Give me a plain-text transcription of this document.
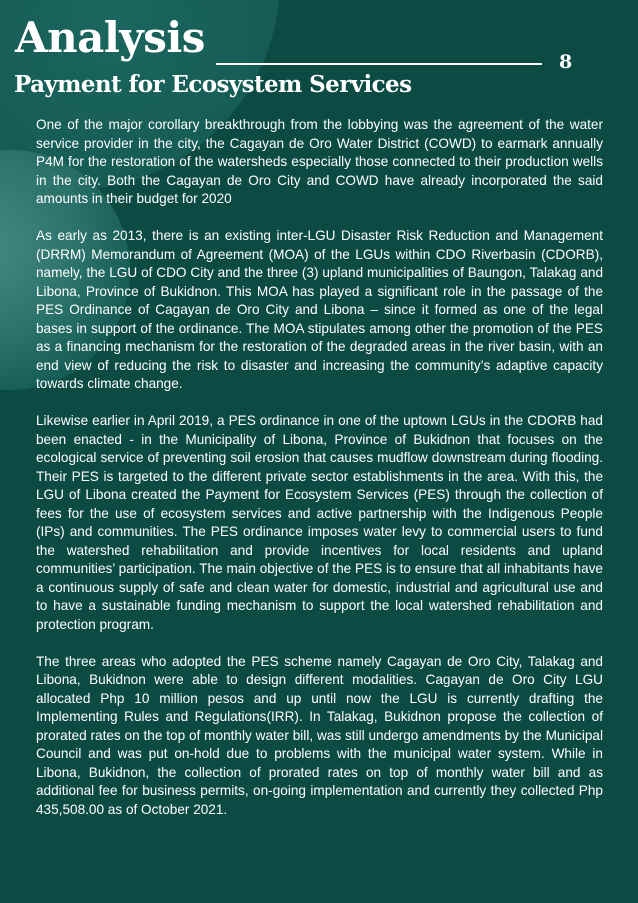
Analysis	8
Payment for Ecosystem Services

One of the major corollary breakthrough from the lobbying was the agreement of the water service provider in the city, the Cagayan de Oro Water District (COWD) to earmark annually P4M for the restoration of the watersheds especially those connected to their production wells in the city. Both the Cagayan de Oro City and COWD have already incorporated the said amounts in their budget for 2020

As early as 2013, there is an existing inter-LGU Disaster Risk Reduction and Management (DRRM) Memorandum of Agreement (MOA) of the LGUs within CDO Riverbasin (CDORB), namely, the LGU of CDO City and the three (3) upland municipalities of Baungon, Talakag and Libona, Province of Bukidnon. This MOA has played a significant role in the passage of the PES Ordinance of Cagayan de Oro City and Libona – since it formed as one of the legal bases in support of the ordinance. The MOA stipulates among other the promotion of the PES as a financing mechanism for the restoration of the degraded areas in the river basin, with an end view of reducing the risk to disaster and increasing the community’s adaptive capacity towards climate change.

Likewise earlier in April 2019, a PES ordinance in one of the uptown LGUs in the CDORB had been enacted - in the Municipality of Libona, Province of Bukidnon that focuses on the ecological service of preventing soil erosion that causes mudflow downstream during flooding. Their PES is targeted to the different private sector establishments in the area. With this, the LGU of Libona created the Payment for Ecosystem Services (PES) through the collection of fees for the use of ecosystem services and active partnership with the Indigenous People (IPs) and communities. The PES ordinance imposes water levy to commercial users to fund the watershed rehabilitation and provide incentives for local residents and upland communities’ participation. The main objective of the PES is to ensure that all inhabitants have a continuous supply of safe and clean water for domestic, industrial and agricultural use and to have a sustainable funding mechanism to support the local watershed rehabilitation and protection program.

The three areas who adopted the PES scheme namely Cagayan de Oro City, Talakag and Libona, Bukidnon were able to design different modalities. Cagayan de Oro City LGU allocated Php 10 million pesos and up until now the LGU is currently drafting the Implementing Rules and Regulations(IRR). In Talakag, Bukidnon propose the collection of prorated rates on the top of monthly water bill, was still undergo amendments by the Municipal Council and was put on-hold due to problems with the municipal water system. While in Libona, Bukidnon, the collection of prorated rates on top of monthly water bill and as additional fee for business permits, on-going implementation and currently they collected Php 435,508.00 as of October 2021.
